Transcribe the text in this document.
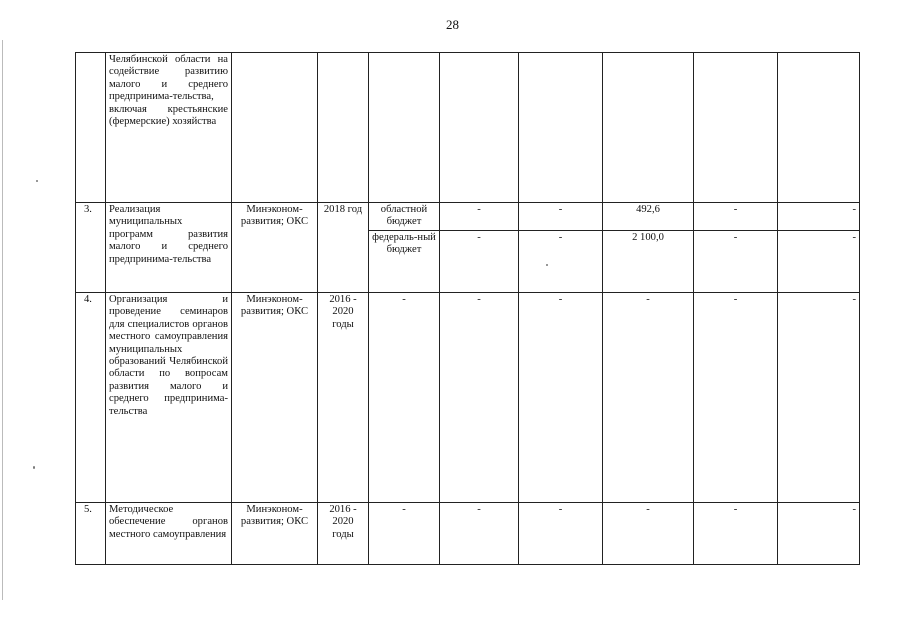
28
	Челябинской области на содействие развитию малого и среднего предпринима-тельства, включая крестьянские (фермерские) хозяйства								
3.	Реализация муниципальных программ развития малого и среднего предпринима-тельства	Минэконом-развития; ОКС	2018 год	областной бюджет	-	-	492,6	-	-
				федераль-ный бюджет	-	-	2 100,0	-	-
4.	Организация и проведение семинаров для специалистов органов местного самоуправления муниципальных образований Челябинской области по вопросам развития малого и среднего предпринима-тельства	Минэконом-развития; ОКС	2016 - 2020 годы	-	-	-	-	-	-
5.	Методическое обеспечение органов местного самоуправления	Минэконом-развития; ОКС	2016 - 2020 годы	-	-	-	-	-	-
